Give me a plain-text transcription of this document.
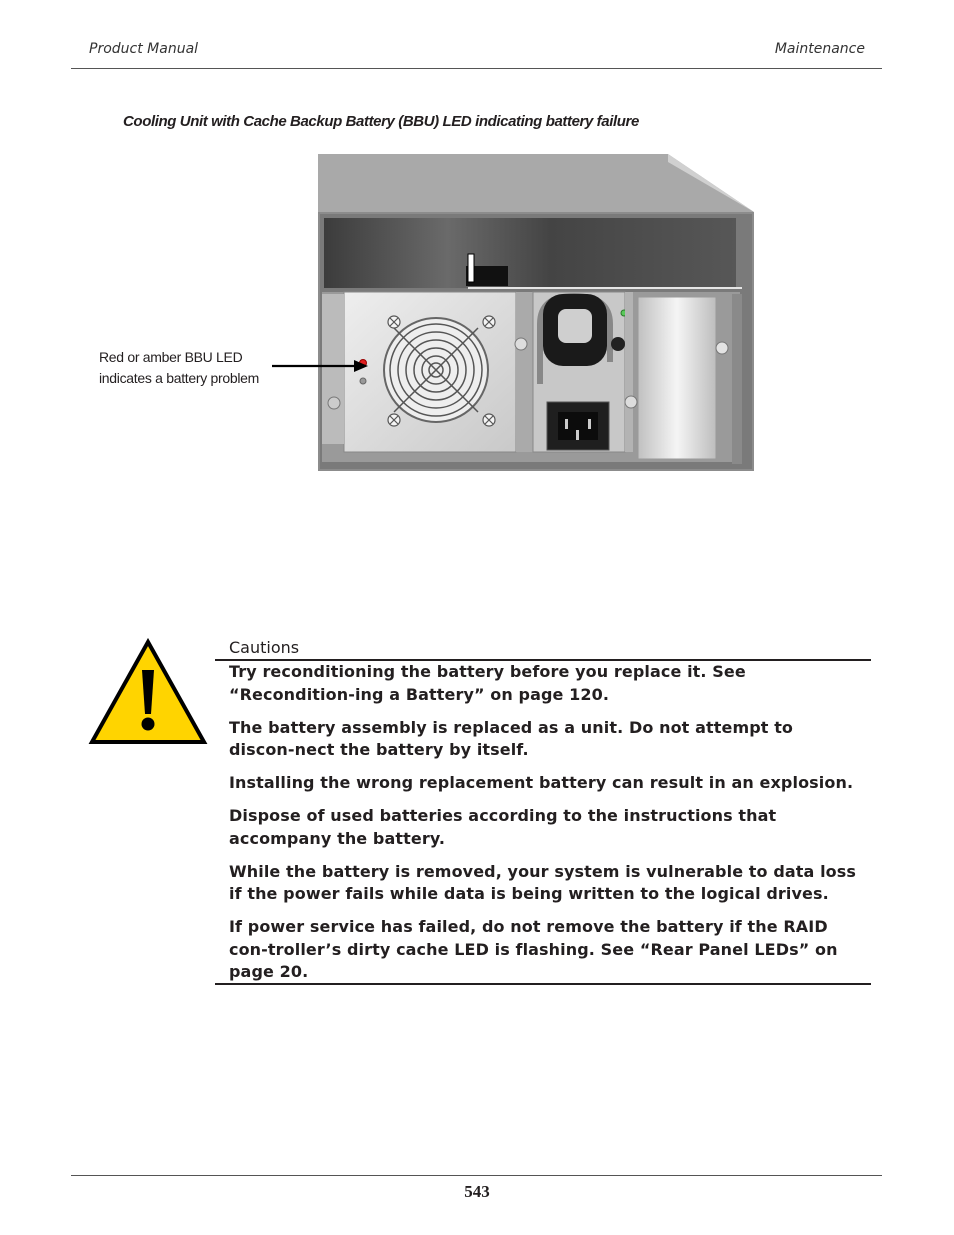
Product Manual	Maintenance
Cooling Unit with Cache Backup Battery (BBU) LED indicating battery failure
Red or amber BBU LED
indicates a battery problem
Cautions
Try reconditioning the battery before you replace it. See “Recondition-ing a Battery” on page 120.
The battery assembly is replaced as a unit. Do not attempt to discon-nect the battery by itself.
Installing the wrong replacement battery can result in an explosion.
Dispose of used batteries according to the instructions that accompany the battery.
While the battery is removed, your system is vulnerable to data loss if the power fails while data is being written to the logical drives.
If power service has failed, do not remove the battery if the RAID con-troller’s dirty cache LED is flashing. See “Rear Panel LEDs” on page 20.
543
